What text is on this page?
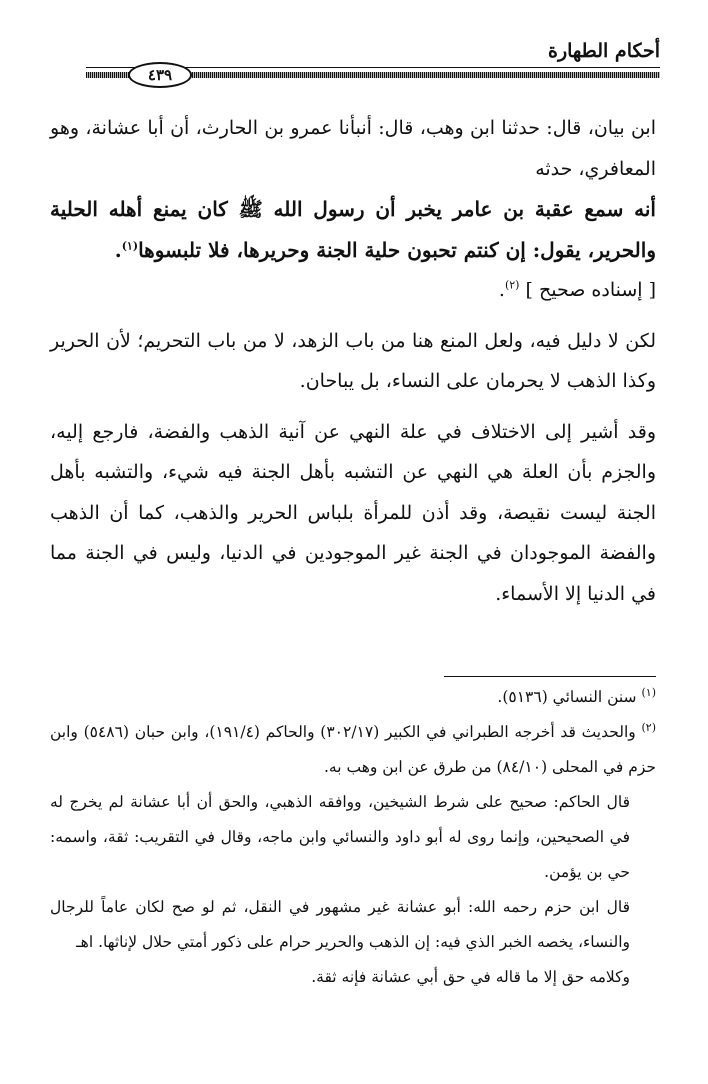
أحكام الطهارة
٤٣٩

ابن بيان، قال: حدثنا ابن وهب، قال: أنبأنا عمرو بن الحارث، أن أبا عشانة، وهو المعافري، حدثه

أنه سمع عقبة بن عامر يخبر أن رسول الله ﷺ كان يمنع أهله الحلية والحرير، يقول: إن كنتم تحبون حلية الجنة وحريرها، فلا تلبسوها$^{(١)}$.

[ إسناده صحيح ] $^{(٢)}$.

لكن لا دليل فيه، ولعل المنع هنا من باب الزهد، لا من باب التحريم؛ لأن الحرير وكذا الذهب لا يحرمان على النساء، بل يباحان.

وقد أشير إلى الاختلاف في علة النهي عن آنية الذهب والفضة، فارجع إليه، والجزم بأن العلة هي النهي عن التشبه بأهل الجنة فيه شيء، والتشبه بأهل الجنة ليست نقيصة، وقد أذن للمرأة بلباس الحرير والذهب، كما أن الذهب والفضة الموجودان في الجنة غير الموجودين في الدنيا، وليس في الجنة مما في الدنيا إلا الأسماء.

$^{(١)}$ سنن النسائي (٥١٣٦).

$^{(٢)}$ والحديث قد أخرجه الطبراني في الكبير (٣٠٢/١٧) والحاكم (١٩١/٤)، وابن حبان (٥٤٨٦) وابن حزم في المحلى (٨٤/١٠) من طرق عن ابن وهب به.

قال الحاكم: صحيح على شرط الشيخين، ووافقه الذهبي، والحق أن أبا عشانة لم يخرج له في الصحيحين، وإنما روى له أبو داود والنسائي وابن ماجه، وقال في التقريب: ثقة، واسمه: حي بن يؤمن.

قال ابن حزم رحمه الله: أبو عشانة غير مشهور في النقل، ثم لو صح لكان عاماً للرجال والنساء، يخصه الخبر الذي فيه: إن الذهب والحرير حرام على ذكور أمتي حلال لإناثها. اهـ

وكلامه حق إلا ما قاله في حق أبي عشانة فإنه ثقة.
